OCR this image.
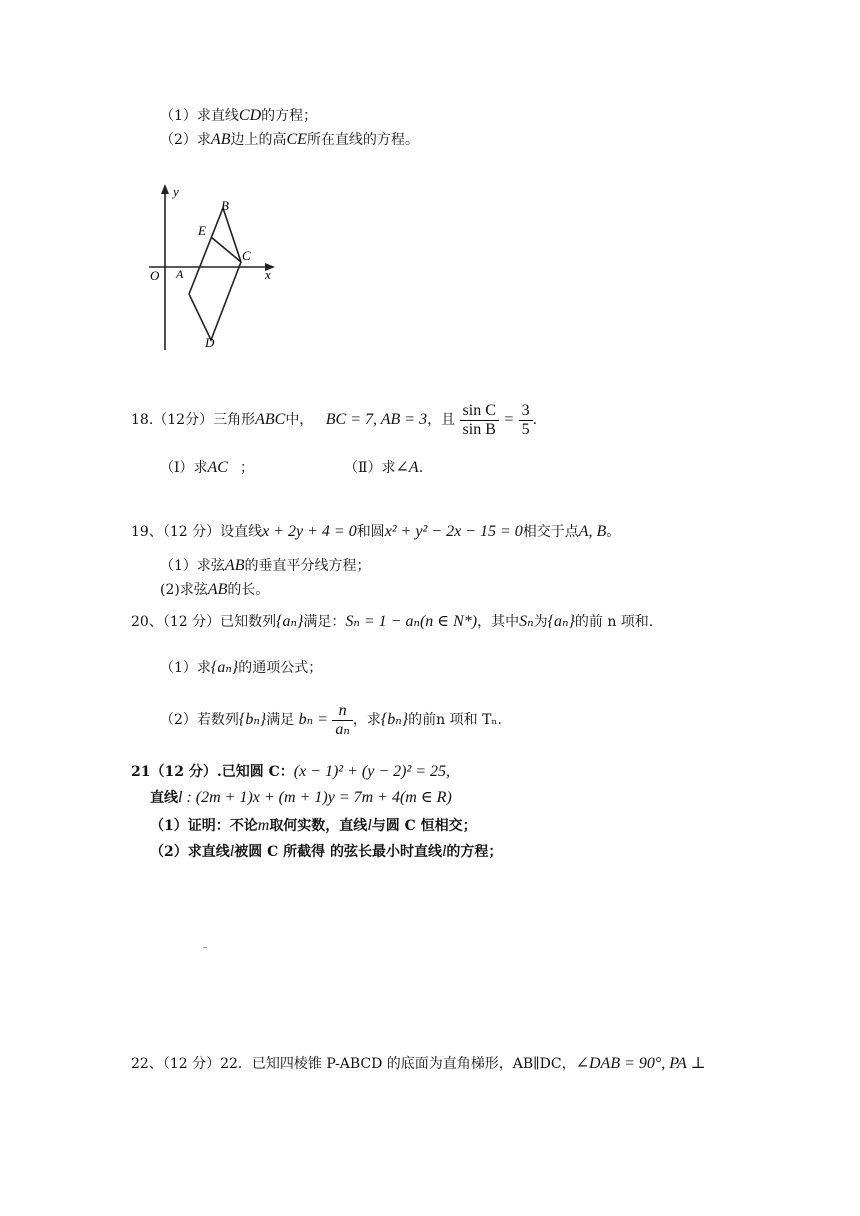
（1）求直线CD的方程；
（2）求AB边上的高CE所在直线的方程。
y
x
O A
B
C
D
E
18.（12分）三角形ABC中， BC = 7, AB = 3，且 $\frac{\text{sin C}}{\text{sin B}} = \frac{3}{5}$ .
（Ⅰ）求AC ；	（Ⅱ）求∠A.
19、（12 分）设直线x + 2y + 4 = 0和圆x² + y² − 2x − 15 = 0相交于点A, B。
（1）求弦AB的垂直平分线方程；
(2)求弦AB的长。
20、（12 分）已知数列{aₙ}满足：Sₙ = 1 − aₙ(n ∈ N*)，其中Sₙ为{aₙ}的前 n 项和.
（1）求{aₙ}的通项公式；
（2）若数列{bₙ}满足 $b_n = \frac{n}{\text{aₙ}}$ ，求{bₙ}的前n 项和 Tₙ.
21（12 分）.已知圆 C：(x − 1)² + (y − 2)² = 25,
直线l : (2m + 1)x + (m + 1)y = 7m + 4(m ∈ R)
（1）证明：不论m取何实数，直线l与圆 C 恒相交；
（2）求直线l被圆 C 所截得 的弦长最小时直线l的方程；
22、（12 分）22．已知四棱锥 P-ABCD 的底面为直角梯形，AB∥DC，∠DAB = 90°, PA ⊥
